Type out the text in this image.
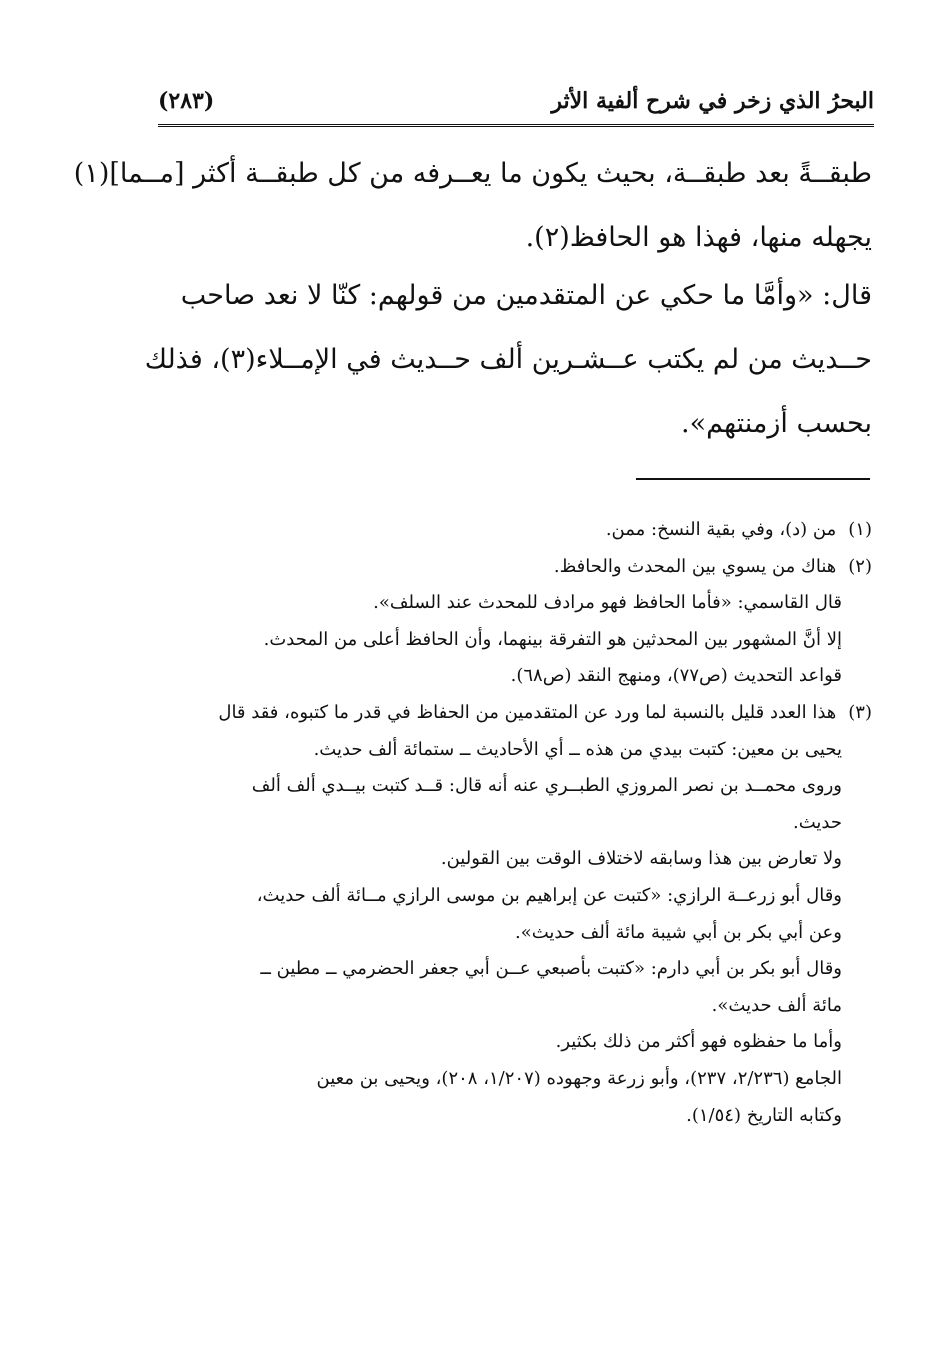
البحرُ الذي زخر في شرح ألفية الأثر
(٢٨٣)
طبقــةً بعد طبقــة، بحيث يكون ما يعــرفه من كل طبقــة أكثر [مــما](١)
يجهله منها، فهذا هو الحافظ(٢).
قال: «وأمَّا ما حكي عن المتقدمين من قولهم: كنّا لا نعد صاحب
حــديث من لم يكتب عــشـرين ألف حــديث في الإمــلاء(٣)، فذلك
بحسب أزمنتهم».
(١) من (د)، وفي بقية النسخ: ممن.
(٢) هناك من يسوي بين المحدث والحافظ.
قال القاسمي: «فأما الحافظ فهو مرادف للمحدث عند السلف».
إلا أنَّ المشهور بين المحدثين هو التفرقة بينهما، وأن الحافظ أعلى من المحدث.
قواعد التحديث (ص٧٧)، ومنهج النقد (ص٦٨).
(٣) هذا العدد قليل بالنسبة لما ورد عن المتقدمين من الحفاظ في قدر ما كتبوه، فقد قال
يحيى بن معين: كتبت بيدي من هذه ــ أي الأحاديث ــ ستمائة ألف حديث.
وروى محمــد بن نصر المروزي الطبــري عنه أنه قال: قــد كتبت بيــدي ألف ألف
حديث.
ولا تعارض بين هذا وسابقه لاختلاف الوقت بين القولين.
وقال أبو زرعــة الرازي: «كتبت عن إبراهيم بن موسى الرازي مــائة ألف حديث،
وعن أبي بكر بن أبي شيبة مائة ألف حديث».
وقال أبو بكر بن أبي دارم: «كتبت بأصبعي عــن أبي جعفر الحضرمي ــ مطين ــ
مائة ألف حديث».
وأما ما حفظوه فهو أكثر من ذلك بكثير.
الجامع (٢/٢٣٦، ٢٣٧)، وأبو زرعة وجهوده (١/٢٠٧، ٢٠٨)، ويحيى بن معين
وكتابه التاريخ (١/٥٤).
